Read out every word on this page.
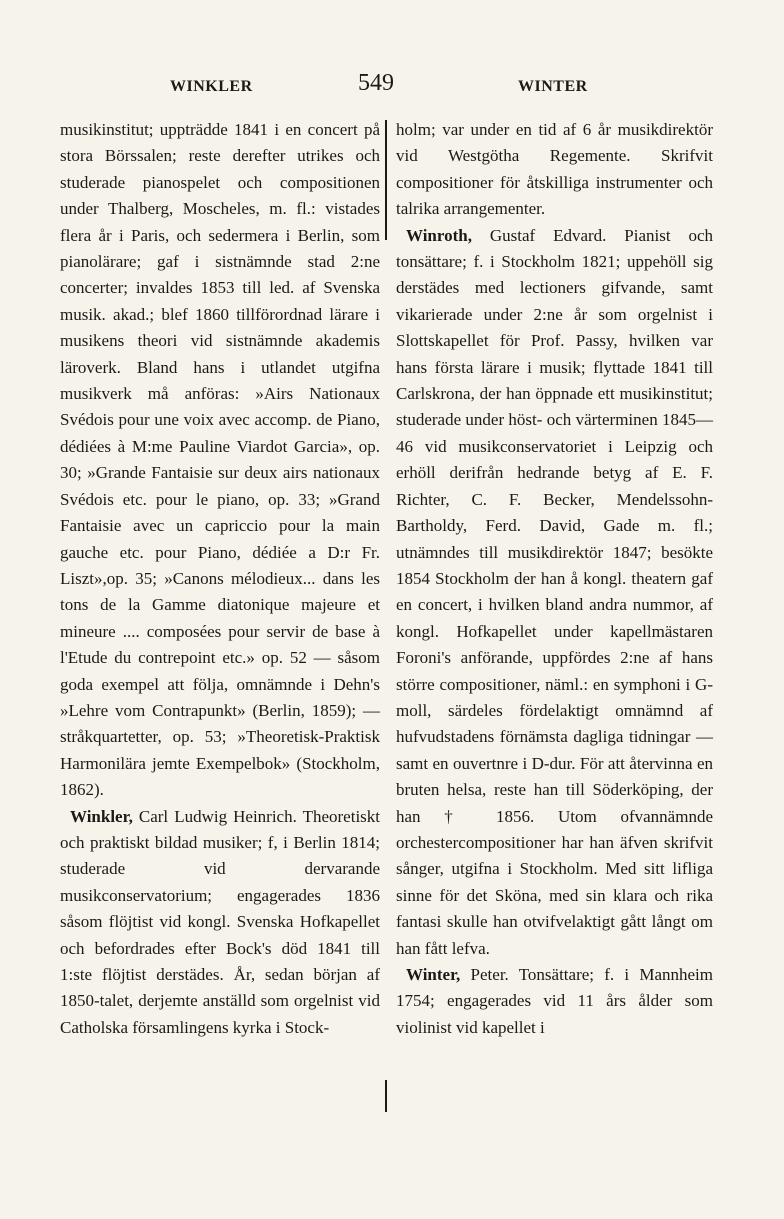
WINKLER	549	WINTER

musikinstitut; uppträdde 1841 i en concert på stora Börssalen; reste derefter utrikes och studerade pianospelet och compositionen under Thalberg, Moscheles, m. fl.: vistades flera år i Paris, och sedermera i Berlin, som pianolärare; gaf i sistnämnde stad 2:ne concerter; invaldes 1853 till led. af Svenska musik. akad.; blef 1860 tillförordnad lärare i musikens theori vid sistnämnde akademis läroverk. Bland hans i utlandet utgifna musikverk må anföras: »Airs Nationaux Svédois pour une voix avec accomp. de Piano, dédiées à M:me Pauline Viardot Garcia», op. 30; »Grande Fantaisie sur deux airs nationaux Svédois etc. pour le piano, op. 33; »Grand Fantaisie avec un capriccio pour la main gauche etc. pour Piano, dédiée a D:r Fr. Liszt»,op. 35; »Canons mélodieux... dans les tons de la Gamme diatonique majeure et mineure .... composées pour servir de base à l'Etude du contrepoint etc.» op. 52 — såsom goda exempel att följa, omnämnde i Dehn's »Lehre vom Contrapunkt» (Berlin, 1859); — stråkquartetter, op. 53; »Theoretisk-Praktisk Harmonilära jemte Exempelbok» (Stockholm, 1862).

Winkler, Carl Ludwig Heinrich. Theoretiskt och praktiskt bildad musiker; f, i Berlin 1814; studerade vid dervarande musikconservatorium; engagerades 1836 såsom flöjtist vid kongl. Svenska Hofkapellet och befordrades efter Bock's död 1841 till 1:ste flöjtist derstädes. År, sedan början af 1850-talet, derjemte anställd som orgelnist vid Catholska församlingens kyrka i Stock-

holm; var under en tid af 6 år musikdirektör vid Westgötha Regemente. Skrifvit compositioner för åtskilliga instrumenter och talrika arrangementer.

Winroth, Gustaf Edvard. Pianist och tonsättare; f. i Stockholm 1821; uppehöll sig derstädes med lectioners gifvande, samt vikarierade under 2:ne år som orgelnist i Slottskapellet för Prof. Passy, hvilken var hans första lärare i musik; flyttade 1841 till Carlskrona, der han öppnade ett musikinstitut; studerade under höst- och värterminen 1845—46 vid musikconservatoriet i Leipzig och erhöll derifrån hedrande betyg af E. F. Richter, C. F. Becker, Mendelssohn-Bartholdy, Ferd. David, Gade m. fl.; utnämndes till musikdirektör 1847; besökte 1854 Stockholm der han å kongl. theatern gaf en concert, i hvilken bland andra nummor, af kongl. Hofkapellet under kapellmästaren Foroni's anförande, uppfördes 2:ne af hans större compositioner, näml.: en symphoni i G-moll, särdeles fördelaktigt omnämnd af hufvudstadens förnämsta dagliga tidningar — samt en ouvertnre i D-dur. För att återvinna en bruten helsa, reste han till Söderköping, der han † 1856. Utom ofvannämnde orchestercompositioner har han äfven skrifvit sånger, utgifna i Stockholm. Med sitt lifliga sinne för det Sköna, med sin klara och rika fantasi skulle han otvifvelaktigt gått långt om han fått lefva.

Winter, Peter. Tonsättare; f. i Mannheim 1754; engagerades vid 11 års ålder som violinist vid kapellet i
